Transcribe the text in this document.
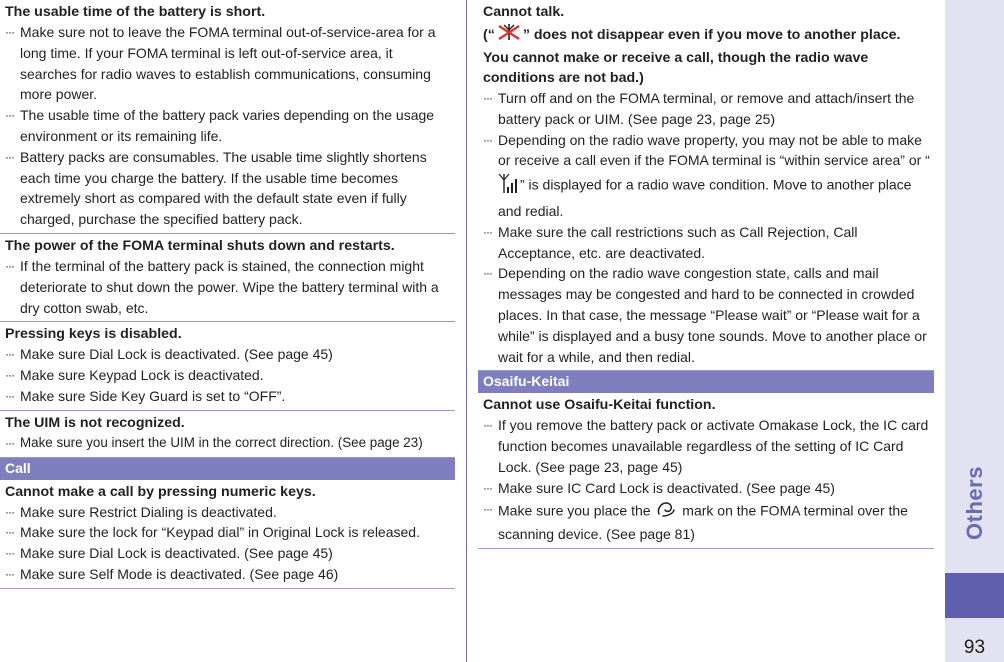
The usable time of the battery is short.
··· Make sure not to leave the FOMA terminal out-of-service-area for a long time. If your FOMA terminal is left out-of-service area, it searches for radio waves to establish communications, consuming more power.
··· The usable time of the battery pack varies depending on the usage environment or its remaining life.
··· Battery packs are consumables. The usable time slightly shortens each time you charge the battery. If the usable time becomes extremely short as compared with the default state even if fully charged, purchase the specified battery pack.
The power of the FOMA terminal shuts down and restarts.
··· If the terminal of the battery pack is stained, the connection might deteriorate to shut down the power. Wipe the battery terminal with a dry cotton swab, etc.
Pressing keys is disabled.
··· Make sure Dial Lock is deactivated. (See page 45)
··· Make sure Keypad Lock is deactivated.
··· Make sure Side Key Guard is set to “OFF”.
The UIM is not recognized.
··· Make sure you insert the UIM in the correct direction. (See page 23)
Call
Cannot make a call by pressing numeric keys.
··· Make sure Restrict Dialing is deactivated.
··· Make sure the lock for “Keypad dial” in Original Lock is released.
··· Make sure Dial Lock is deactivated. (See page 45)
··· Make sure Self Mode is deactivated. (See page 46)
Cannot talk.
(“ ” does not disappear even if you move to another place.
You cannot make or receive a call, though the radio wave conditions are not bad.)
··· Turn off and on the FOMA terminal, or remove and attach/insert the battery pack or UIM. (See page 23, page 25)
··· Depending on the radio wave property, you may not be able to make or receive a call even if the FOMA terminal is “within service area” or “” is displayed for a radio wave condition. Move to another place and redial.
··· Make sure the call restrictions such as Call Rejection, Call Acceptance, etc. are deactivated.
··· Depending on the radio wave congestion state, calls and mail messages may be congested and hard to be connected in crowded places. In that case, the message “Please wait” or “Please wait for a while” is displayed and a busy tone sounds. Move to another place or wait for a while, and then redial.
Osaifu-Keitai
Cannot use Osaifu-Keitai function.
··· If you remove the battery pack or activate Omakase Lock, the IC card function becomes unavailable regardless of the setting of IC Card Lock. (See page 23, page 45)
··· Make sure IC Card Lock is deactivated. (See page 45)
··· Make sure you place the  mark on the FOMA terminal over the scanning device. (See page 81)	Others
93
